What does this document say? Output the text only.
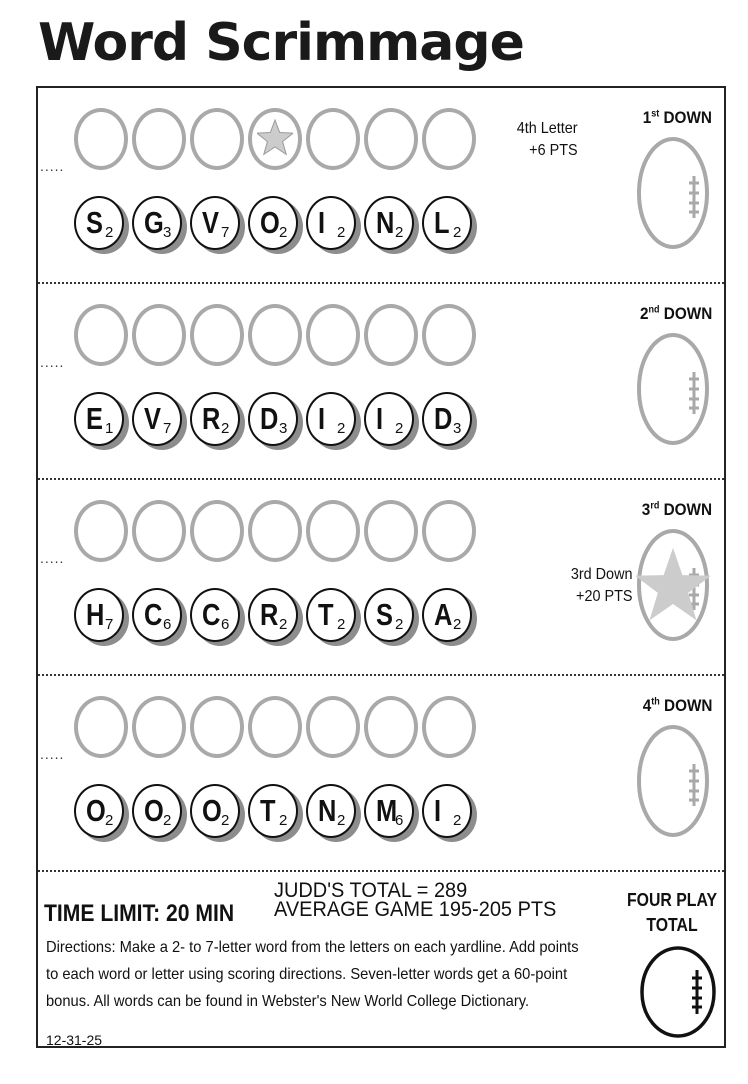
Word Scrimmage
TIME LIMIT: 20 MIN
JUDD'S TOTAL = 289
AVERAGE GAME 195-205 PTS
Directions: Make a 2- to 7-letter word from the letters on each yardline. Add points to each word or letter using scoring directions. Seven-letter words get a 60-point bonus. All words can be found in Webster's New World College Dictionary.
12-31-25
FOUR PLAY
TOTAL
.....
S 2 G 3 V 7 O 2 I 2 N 2 L 2
1st DOWN
4th Letter
+6 PTS
.....
E 1 V 7 R 2 D 3 I 2 I 2 D 3
2nd DOWN
.....
H 7 C 6 C 6 R 2 T 2 S 2 A 2
3rd DOWN
3rd Down
+20 PTS
.....
O 2 O 2 O 2 T 2 N 2 M
6 I 2
4th DOWN
